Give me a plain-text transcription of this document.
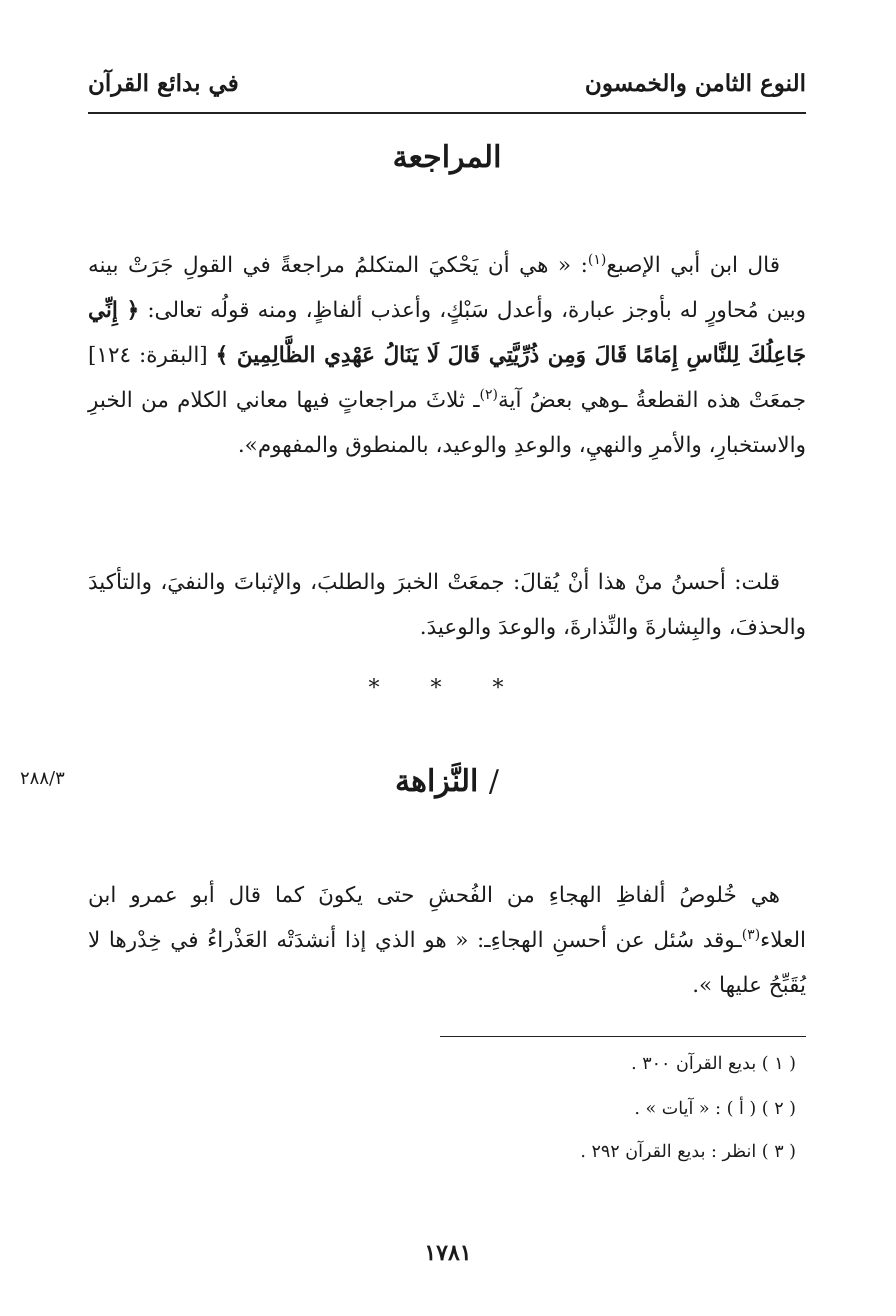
النوع الثامن والخمسون
في بدائع القرآن
المراجعة
قال ابن أبي الإصبع$^{(١)}$: « هي أن يَحْكيَ المتكلمُ مراجعةً في القولِ جَرَتْ بينه وبين مُحاورٍ له بأوجز عبارة، وأعدل سَبْكٍ، وأعذب ألفاظٍ، ومنه قولُه تعالى: ﴿ إِنِّي جَاعِلُكَ لِلنَّاسِ إِمَامًا قَالَ وَمِن ذُرِّيَّتِي قَالَ لَا يَنَالُ عَهْدِي الظَّالِمِينَ ﴾ [البقرة: ١٢٤] جمعَتْ هذه القطعةُ ـوهي بعضُ آية$^{(٢)}$ـ ثلاثَ مراجعاتٍ فيها معاني الكلام من الخبرِ والاستخبارِ، والأمرِ والنهيِ، والوعدِ والوعيد، بالمنطوق والمفهوم».
قلت: أحسنُ منْ هذا أنْ يُقالَ: جمعَتْ الخبرَ والطلبَ، والإثباتَ والنفيَ، والتأكيدَ والحذفَ، والبِشارةَ والنِّذارةَ، والوعدَ والوعيدَ.
* * *
٢٨٨/٣	/ النَّزاهة
هي خُلوصُ ألفاظِ الهجاءِ من الفُحشِ حتى يكونَ كما قال أبو عمرو ابن العلاء$^{(٣)}$ـوقد سُئل عن أحسنِ الهجاءِـ: « هو الذي إذا أنشدَتْه العَذْراءُ في خِدْرها لا يُقَبِّحُ عليها ».
( ١ ) بديع القرآن ٣٠٠ .
( ٢ ) ( أ ) : « آيات » .
( ٣ ) انظر : بديع القرآن ٢٩٢ .
١٧٨١
